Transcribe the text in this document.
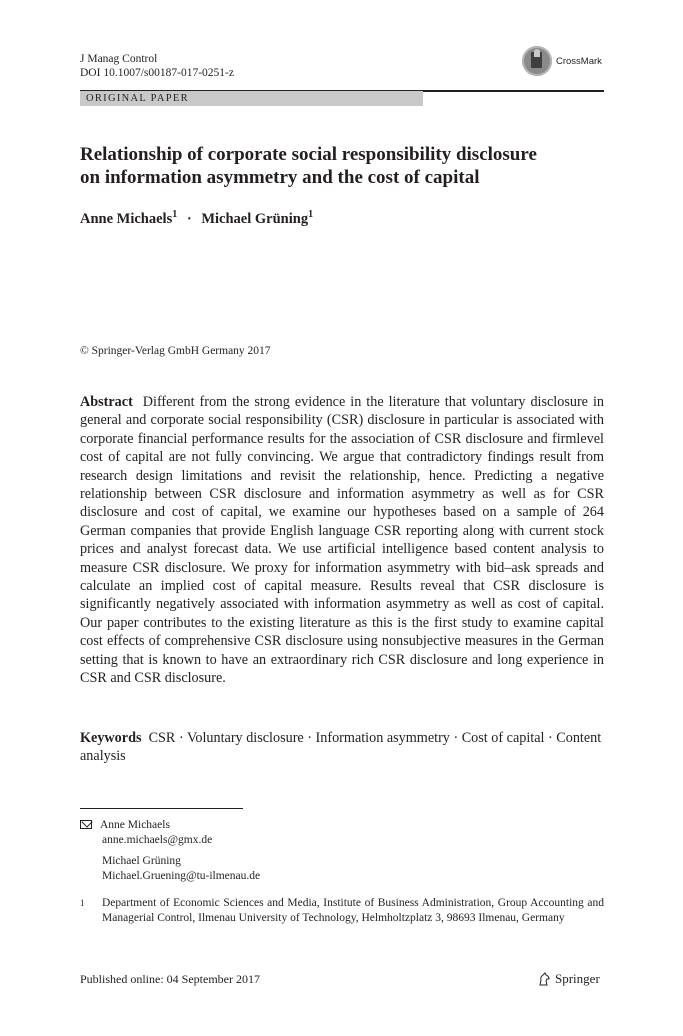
J Manag Control
DOI 10.1007/s00187-017-0251-z
CrossMark
ORIGINAL PAPER
Relationship of corporate social responsibility disclosure
on information asymmetry and the cost of capital
Anne Michaels$^1$ · Michael Grüning$^1$
© Springer-Verlag GmbH Germany 2017
Abstract Different from the strong evidence in the literature that voluntary disclosure in general and corporate social responsibility (CSR) disclosure in particular is associated with corporate financial performance results for the association of CSR disclosure and firmlevel cost of capital are not fully convincing. We argue that contradictory findings result from research design limitations and revisit the relationship, hence. Predicting a negative relationship between CSR disclosure and information asymmetry as well as for CSR disclosure and cost of capital, we examine our hypotheses based on a sample of 264 German companies that provide English language CSR reporting along with current stock prices and analyst forecast data. We use artificial intelligence based content analysis to measure CSR disclosure. We proxy for information asymmetry with bid–ask spreads and calculate an implied cost of capital measure. Results reveal that CSR disclosure is significantly negatively associated with information asymmetry as well as cost of capital. Our paper contributes to the existing literature as this is the first study to examine capital cost effects of comprehensive CSR disclosure using nonsubjective measures in the German setting that is known to have an extraordinary rich CSR disclosure and long experience in CSR and CSR disclosure.
Keywords CSR · Voluntary disclosure · Information asymmetry · Cost of capital · Content analysis
Anne Michaels
anne.michaels@gmx.de
Michael Grüning
Michael.Gruening@tu-ilmenau.de
1 Department of Economic Sciences and Media, Institute of Business Administration, Group Accounting and Managerial Control, Ilmenau University of Technology, Helmholtzplatz 3, 98693 Ilmenau, Germany
Published online: 04 September 2017	Springer
